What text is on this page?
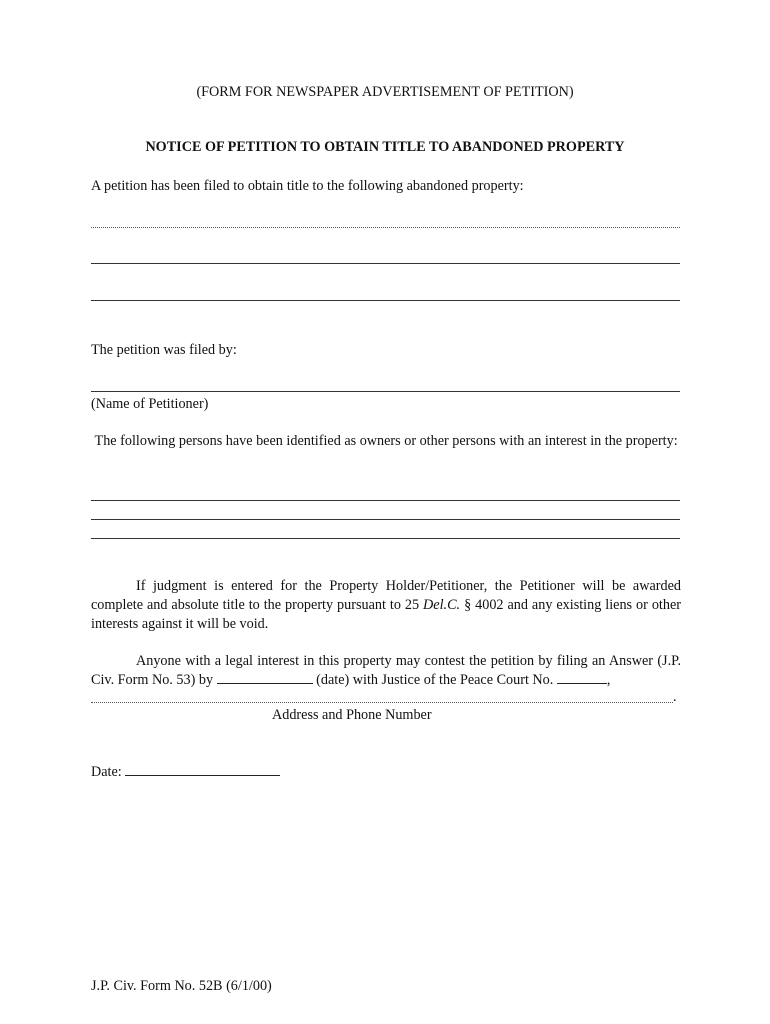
(FORM FOR NEWSPAPER ADVERTISEMENT OF PETITION)

NOTICE OF PETITION TO OBTAIN TITLE TO ABANDONED PROPERTY

A petition has been filed to obtain title to the following abandoned property:

The petition was filed by:

(Name of Petitioner)

The following persons have been identified as owners or other persons with an interest in the property:

If judgment is entered for the Property Holder/Petitioner, the Petitioner will be awarded complete and absolute title to the property pursuant to 25 Del.C. § 4002 and any existing liens or other interests against it will be void.

Anyone with a legal interest in this property may contest the petition by filing an Answer (J.P. Civ. Form No. 53) by	(date) with Justice of the Peace Court No.	,

.

Address and Phone Number

Date:

J.P. Civ. Form No. 52B (6/1/00)
